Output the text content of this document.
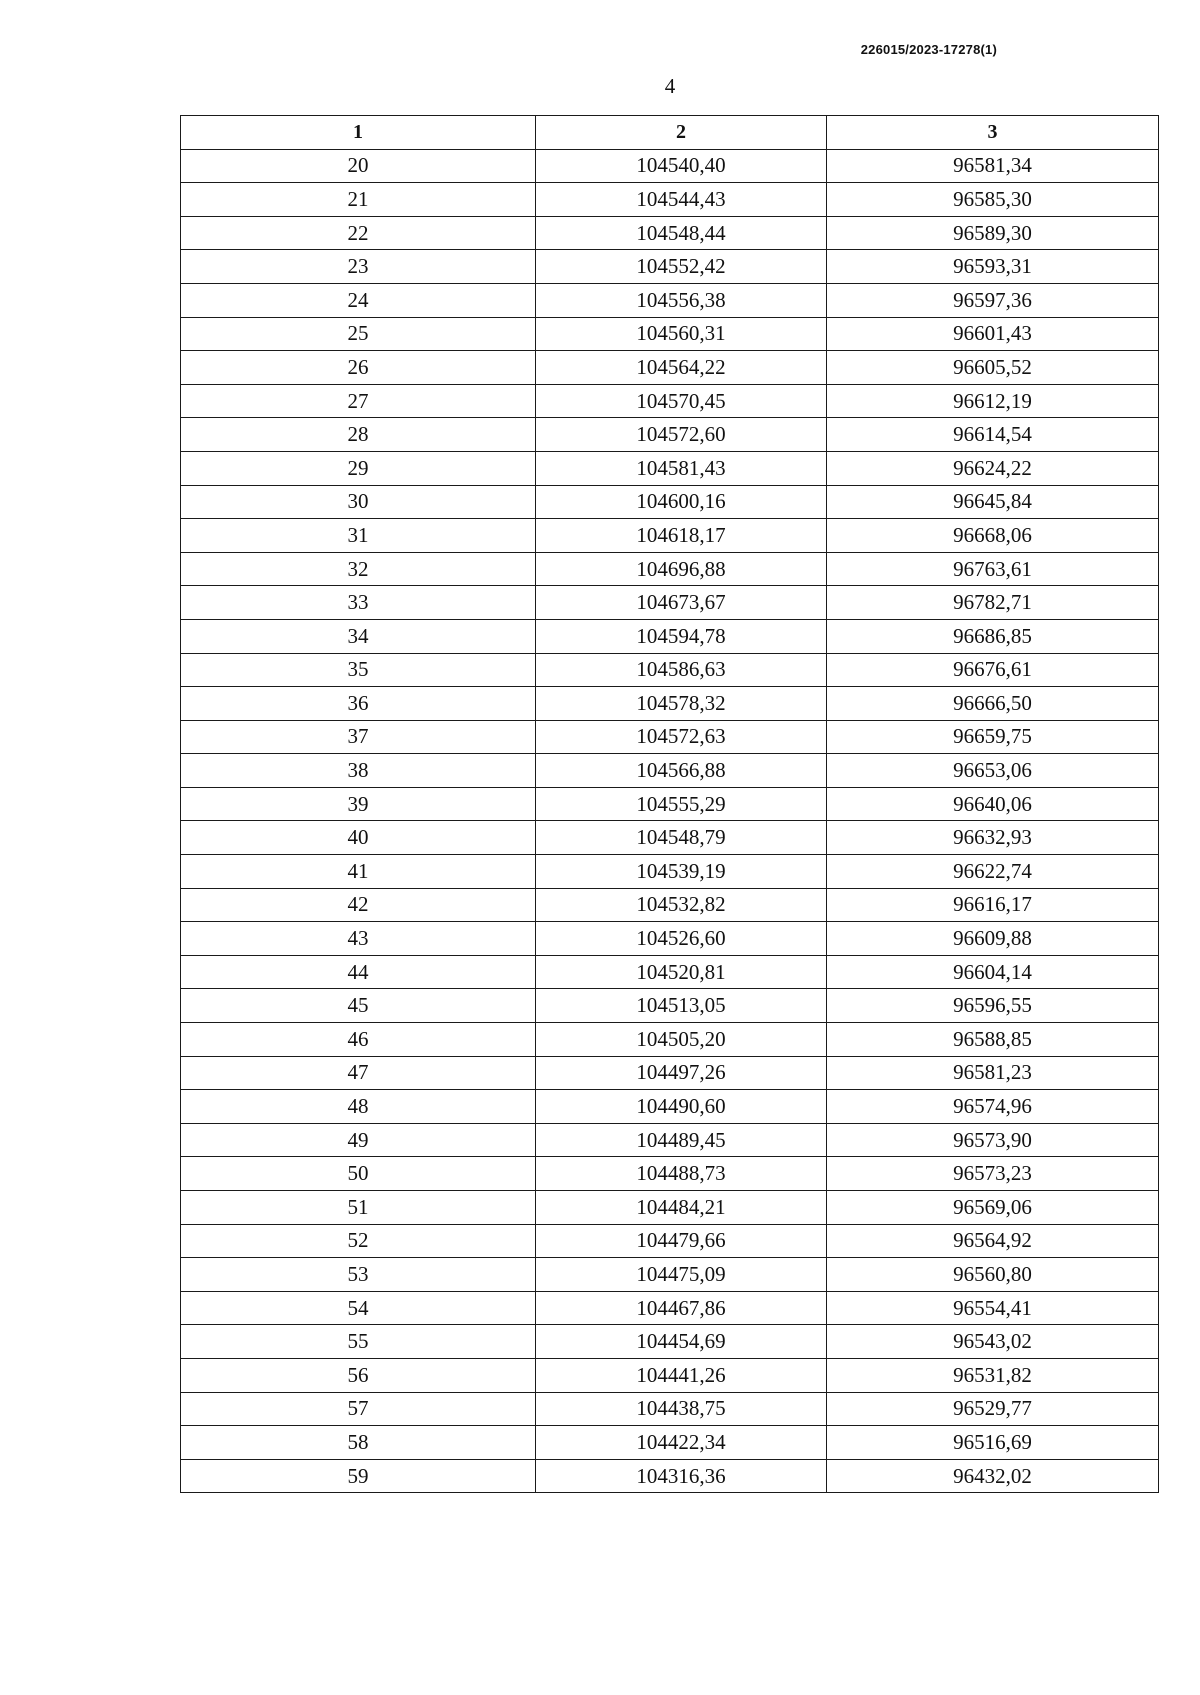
226015/2023-17278(1)
4
1	2	3
20	104540,40	96581,34
21	104544,43	96585,30
22	104548,44	96589,30
23	104552,42	96593,31
24	104556,38	96597,36
25	104560,31	96601,43
26	104564,22	96605,52
27	104570,45	96612,19
28	104572,60	96614,54
29	104581,43	96624,22
30	104600,16	96645,84
31	104618,17	96668,06
32	104696,88	96763,61
33	104673,67	96782,71
34	104594,78	96686,85
35	104586,63	96676,61
36	104578,32	96666,50
37	104572,63	96659,75
38	104566,88	96653,06
39	104555,29	96640,06
40	104548,79	96632,93
41	104539,19	96622,74
42	104532,82	96616,17
43	104526,60	96609,88
44	104520,81	96604,14
45	104513,05	96596,55
46	104505,20	96588,85
47	104497,26	96581,23
48	104490,60	96574,96
49	104489,45	96573,90
50	104488,73	96573,23
51	104484,21	96569,06
52	104479,66	96564,92
53	104475,09	96560,80
54	104467,86	96554,41
55	104454,69	96543,02
56	104441,26	96531,82
57	104438,75	96529,77
58	104422,34	96516,69
59	104316,36	96432,02
